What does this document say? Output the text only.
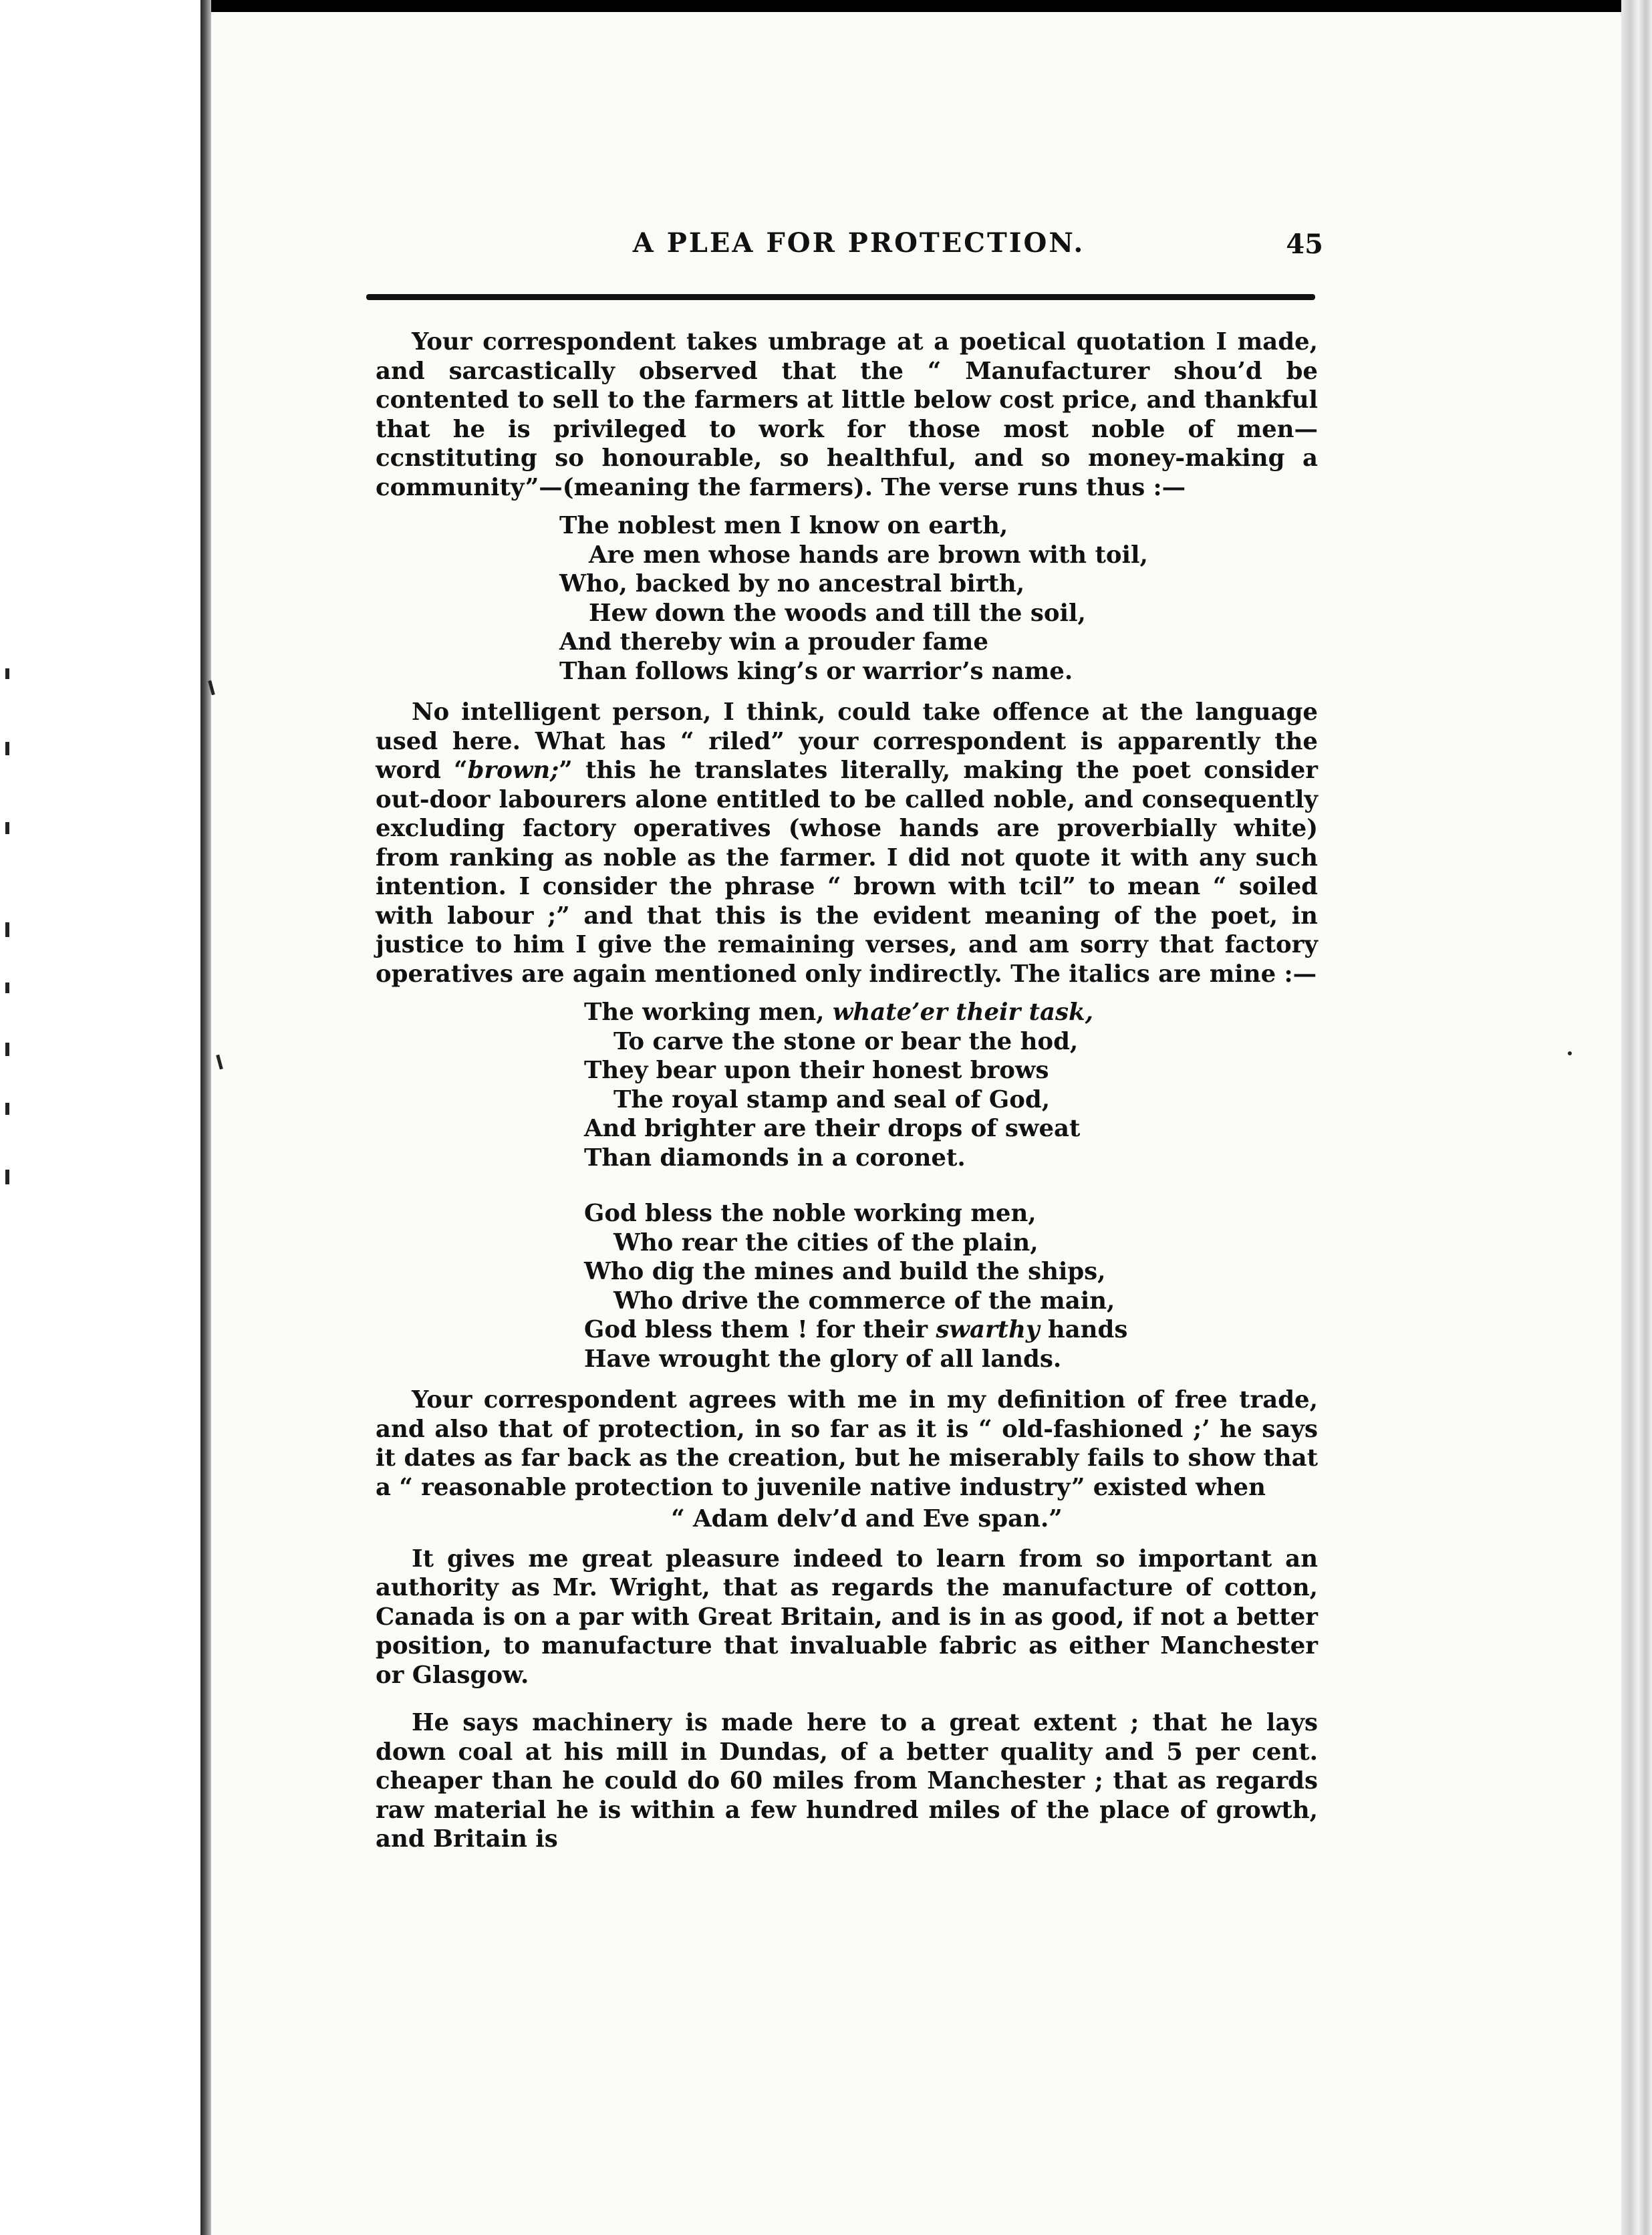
A PLEA FOR PROTECTION.	45

Your correspondent takes umbrage at a poetical quotation I made, and sarcastically observed that the “ Manufacturer shou’d be contented to sell to the farmers at little below cost price, and thankful that he is privileged to work for those most noble of men—ccnstituting so honourable, so healthful, and so money-making a community”—(meaning the farmers). The verse runs thus :—

The noblest men I know on earth,
Are men whose hands are brown with toil,
Who, backed by no ancestral birth,
Hew down the woods and till the soil,
And thereby win a prouder fame
Than follows king’s or warrior’s name.

No intelligent person, I think, could take offence at the language used here. What has “ riled” your correspondent is apparently the word “brown;” this he translates literally, making the poet consider out-door labourers alone entitled to be called noble, and consequently excluding factory operatives (whose hands are proverbially white) from ranking as noble as the farmer. I did not quote it with any such intention. I consider the phrase “ brown with tcil” to mean “ soiled with labour ;” and that this is the evident meaning of the poet, in justice to him I give the remaining verses, and am sorry that factory operatives are again mentioned only indirectly. The italics are mine :—

The working men, whate’er their task,
To carve the stone or bear the hod,
They bear upon their honest brows
The royal stamp and seal of God,
And brighter are their drops of sweat
Than diamonds in a coronet.
God bless the noble working men,
Who rear the cities of the plain,
Who dig the mines and build the ships,
Who drive the commerce of the main,
God bless them ! for their swarthy hands
Have wrought the glory of all lands.

Your correspondent agrees with me in my definition of free trade, and also that of protection, in so far as it is “ old-fashioned ;’ he says it dates as far back as the creation, but he miserably fails to show that a “ reasonable protection to juvenile native industry” existed when

“ Adam delv’d and Eve span.”

It gives me great pleasure indeed to learn from so important an authority as Mr. Wright, that as regards the manufacture of cotton, Canada is on a par with Great Britain, and is in as good, if not a better position, to manufacture that invaluable fabric as either Manchester or Glasgow.

He says machinery is made here to a great extent ; that he lays down coal at his mill in Dundas, of a better quality and 5 per cent. cheaper than he could do 60 miles from Manchester ; that as regards raw material he is within a few hundred miles of the place of growth, and Britain is
